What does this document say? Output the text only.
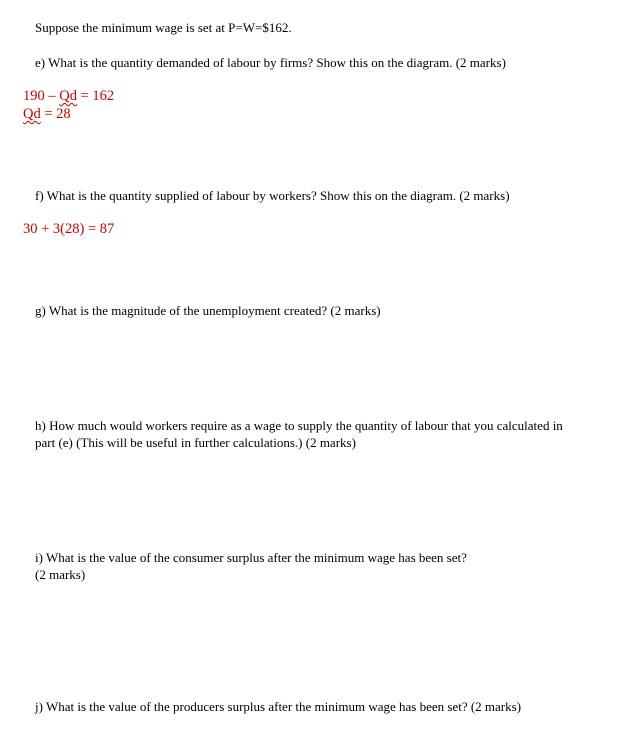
Suppose the minimum wage is set at P=W=$162.
e) What is the quantity demanded of labour by firms? Show this on the diagram. (2 marks)
190 – Qd = 162
Qd = 28
f) What is the quantity supplied of labour by workers? Show this on the diagram. (2 marks)
30 + 3(28) = 87
g) What is the magnitude of the unemployment created? (2 marks)
h) How much would workers require as a wage to supply the quantity of labour that you calculated in
part (e) (This will be useful in further calculations.) (2 marks)
i) What is the value of the consumer surplus after the minimum wage has been set?
(2 marks)
j) What is the value of the producers surplus after the minimum wage has been set? (2 marks)
